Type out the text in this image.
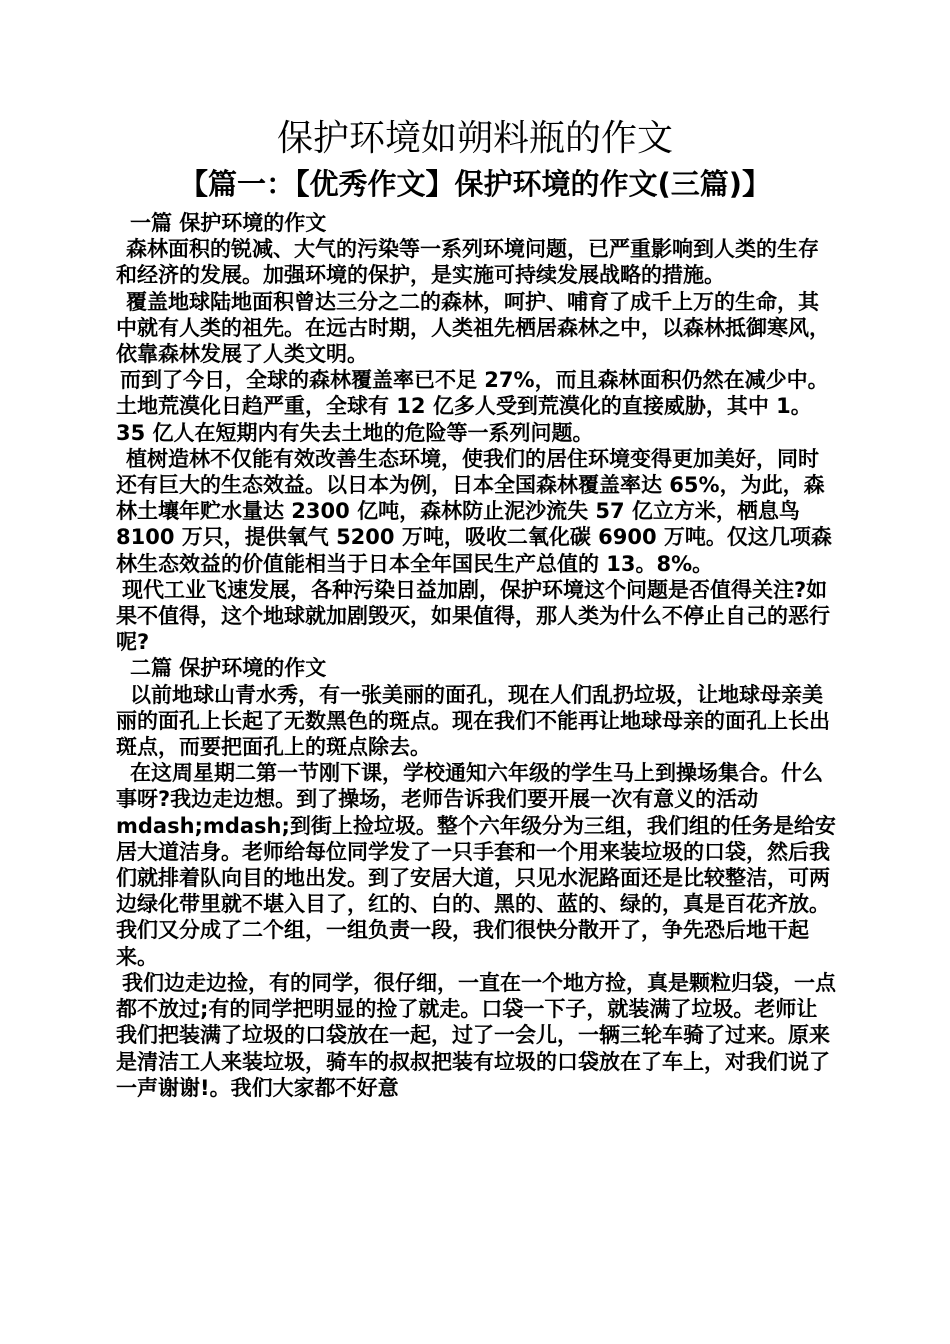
保护环境如朔料瓶的作文
【篇一：【优秀作文】保护环境的作文(三篇)】

一篇 保护环境的作文

森林面积的锐减、大气的污染等一系列环境问题，已严重影响到人类的生存和经济的发展。加强环境的保护，是实施可持续发展战略的措施。

覆盖地球陆地面积曾达三分之二的森林，呵护、哺育了成千上万的生命，其中就有人类的祖先。在远古时期，人类祖先栖居森林之中，以森林抵御寒风，依靠森林发展了人类文明。

而到了今日，全球的森林覆盖率已不足 27%，而且森林面积仍然在减少中。土地荒漠化日趋严重，全球有 12 亿多人受到荒漠化的直接威胁，其中 1。35 亿人在短期内有失去土地的危险等一系列问题。

植树造林不仅能有效改善生态环境，使我们的居住环境变得更加美好，同时还有巨大的生态效益。以日本为例，日本全国森林覆盖率达 65%，为此，森林土壤年贮水量达 2300 亿吨，森林防止泥沙流失 57 亿立方米，栖息鸟 8100 万只，提供氧气 5200 万吨，吸收二氧化碳 6900 万吨。仅这几项森林生态效益的价值能相当于日本全年国民生产总值的 13。8%。

现代工业飞速发展，各种污染日益加剧，保护环境这个问题是否值得关注?如果不值得，这个地球就加剧毁灭，如果值得，那人类为什么不停止自己的恶行呢?

二篇 保护环境的作文

以前地球山青水秀，有一张美丽的面孔，现在人们乱扔垃圾，让地球母亲美丽的面孔上长起了无数黑色的斑点。现在我们不能再让地球母亲的面孔上长出斑点，而要把面孔上的斑点除去。

在这周星期二第一节刚下课，学校通知六年级的学生马上到操场集合。什么事呀?我边走边想。到了操场，老师告诉我们要开展一次有意义的活动 mdash;mdash;到街上捡垃圾。整个六年级分为三组，我们组的任务是给安居大道洁身。老师给每位同学发了一只手套和一个用来装垃圾的口袋，然后我们就排着队向目的地出发。到了安居大道，只见水泥路面还是比较整洁，可两边绿化带里就不堪入目了，红的、白的、黑的、蓝的、绿的，真是百花齐放。我们又分成了二个组，一组负责一段，我们很快分散开了，争先恐后地干起来。

我们边走边捡，有的同学，很仔细，一直在一个地方捡，真是颗粒归袋，一点都不放过;有的同学把明显的捡了就走。口袋一下子，就装满了垃圾。老师让我们把装满了垃圾的口袋放在一起，过了一会儿，一辆三轮车骑了过来。原来是清洁工人来装垃圾，骑车的叔叔把装有垃圾的口袋放在了车上，对我们说了一声谢谢!。我们大家都不好意
